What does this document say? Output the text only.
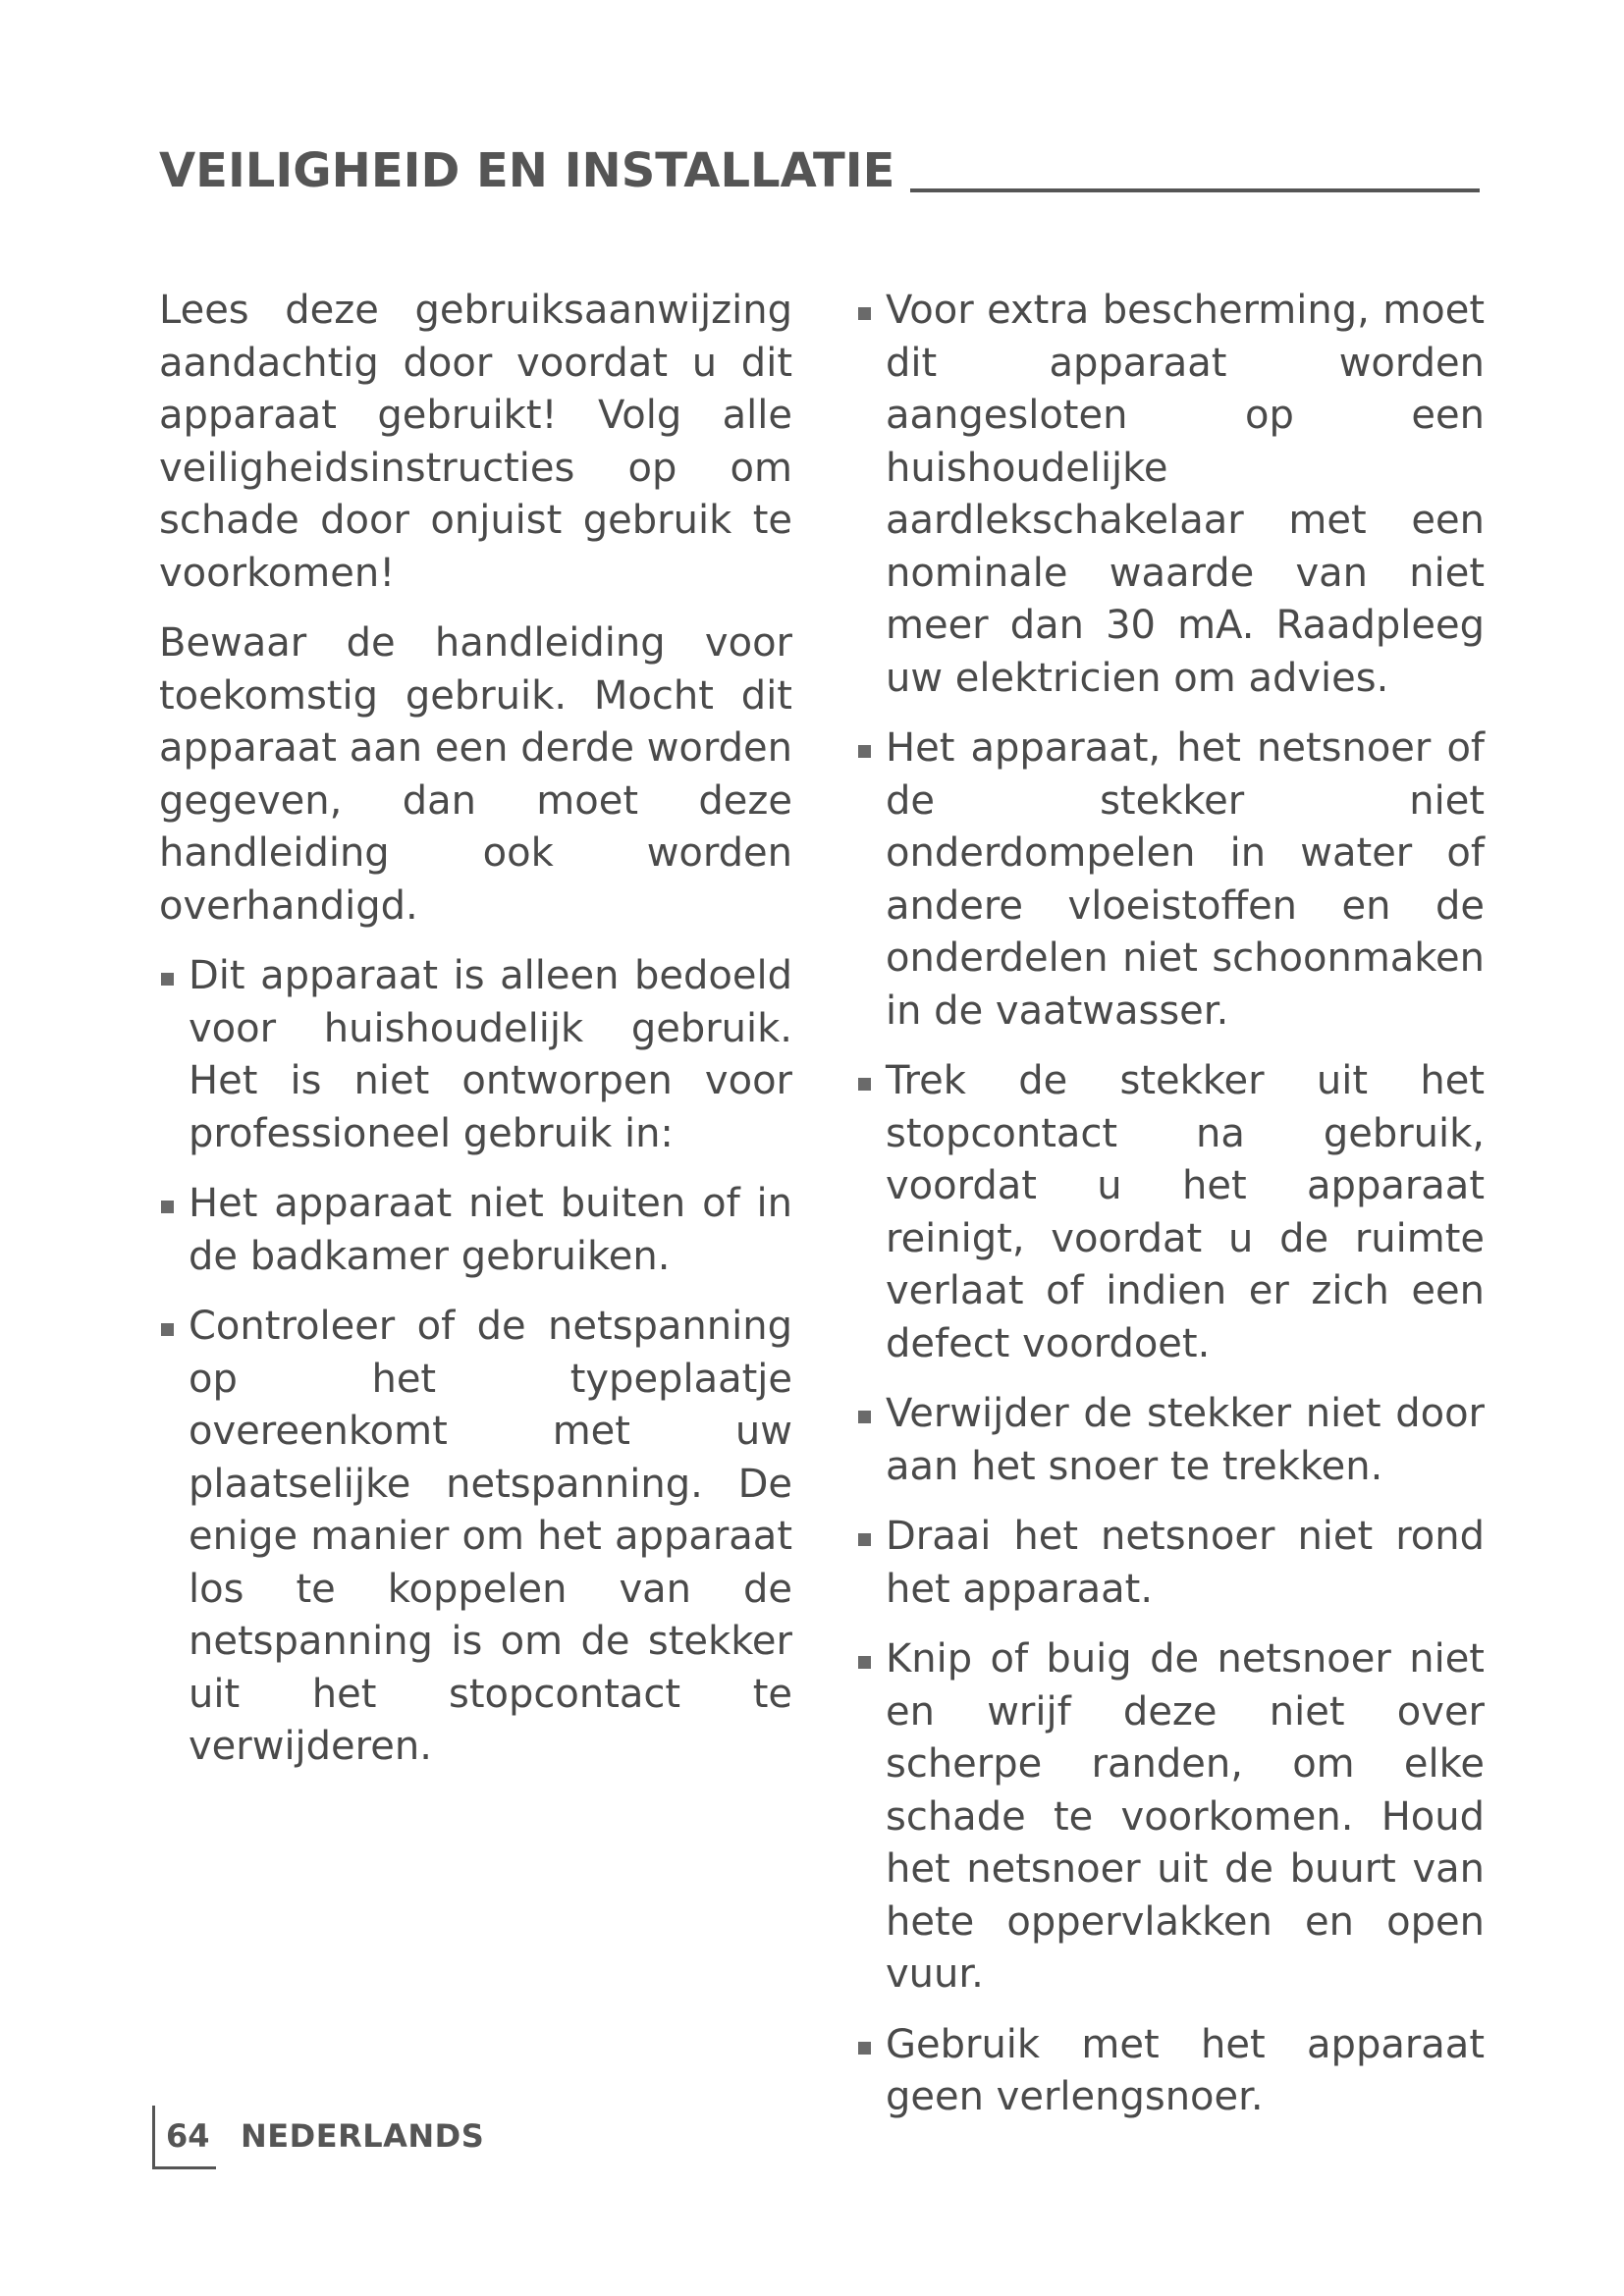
VEILIGHEID EN INSTALLATIE

Lees deze gebruiksaanwijzing aandachtig door voordat u dit apparaat gebruikt! Volg alle veiligheidsinstructies op om schade door onjuist gebruik te voorkomen!

Bewaar de handleiding voor toekomstig gebruik. Mocht dit apparaat aan een derde worden gegeven, dan moet deze handleiding ook worden overhandigd.

Dit apparaat is alleen bedoeld voor huishoudelijk gebruik. Het is niet ontworpen voor professioneel gebruik in:
Het apparaat niet buiten of in de badkamer gebruiken.
Controleer of de netspanning op het typeplaatje overeenkomt met uw plaatselijke netspanning. De enige manier om het apparaat los te koppelen van de netspanning is om de stekker uit het stopcontact te verwijderen.
Voor extra bescherming, moet dit apparaat worden aangesloten op een huishoudelijke aardlekschakelaar met een nominale waarde van niet meer dan 30 mA. Raadpleeg uw elektricien om advies.
Het apparaat, het netsnoer of de stekker niet onderdompelen in water of andere vloeistoffen en de onderdelen niet schoonmaken in de vaatwasser.
Trek de stekker uit het stopcontact na gebruik, voordat u het apparaat reinigt, voordat u de ruimte verlaat of indien er zich een defect voordoet.
Verwijder de stekker niet door aan het snoer te trekken.
Draai het netsnoer niet rond het apparaat.
Knip of buig de netsnoer niet en wrijf deze niet over scherpe randen, om elke schade te voorkomen. Houd het netsnoer uit de buurt van hete oppervlakken en open vuur.
Gebruik met het apparaat geen verlengsnoer.
64 NEDERLANDS
